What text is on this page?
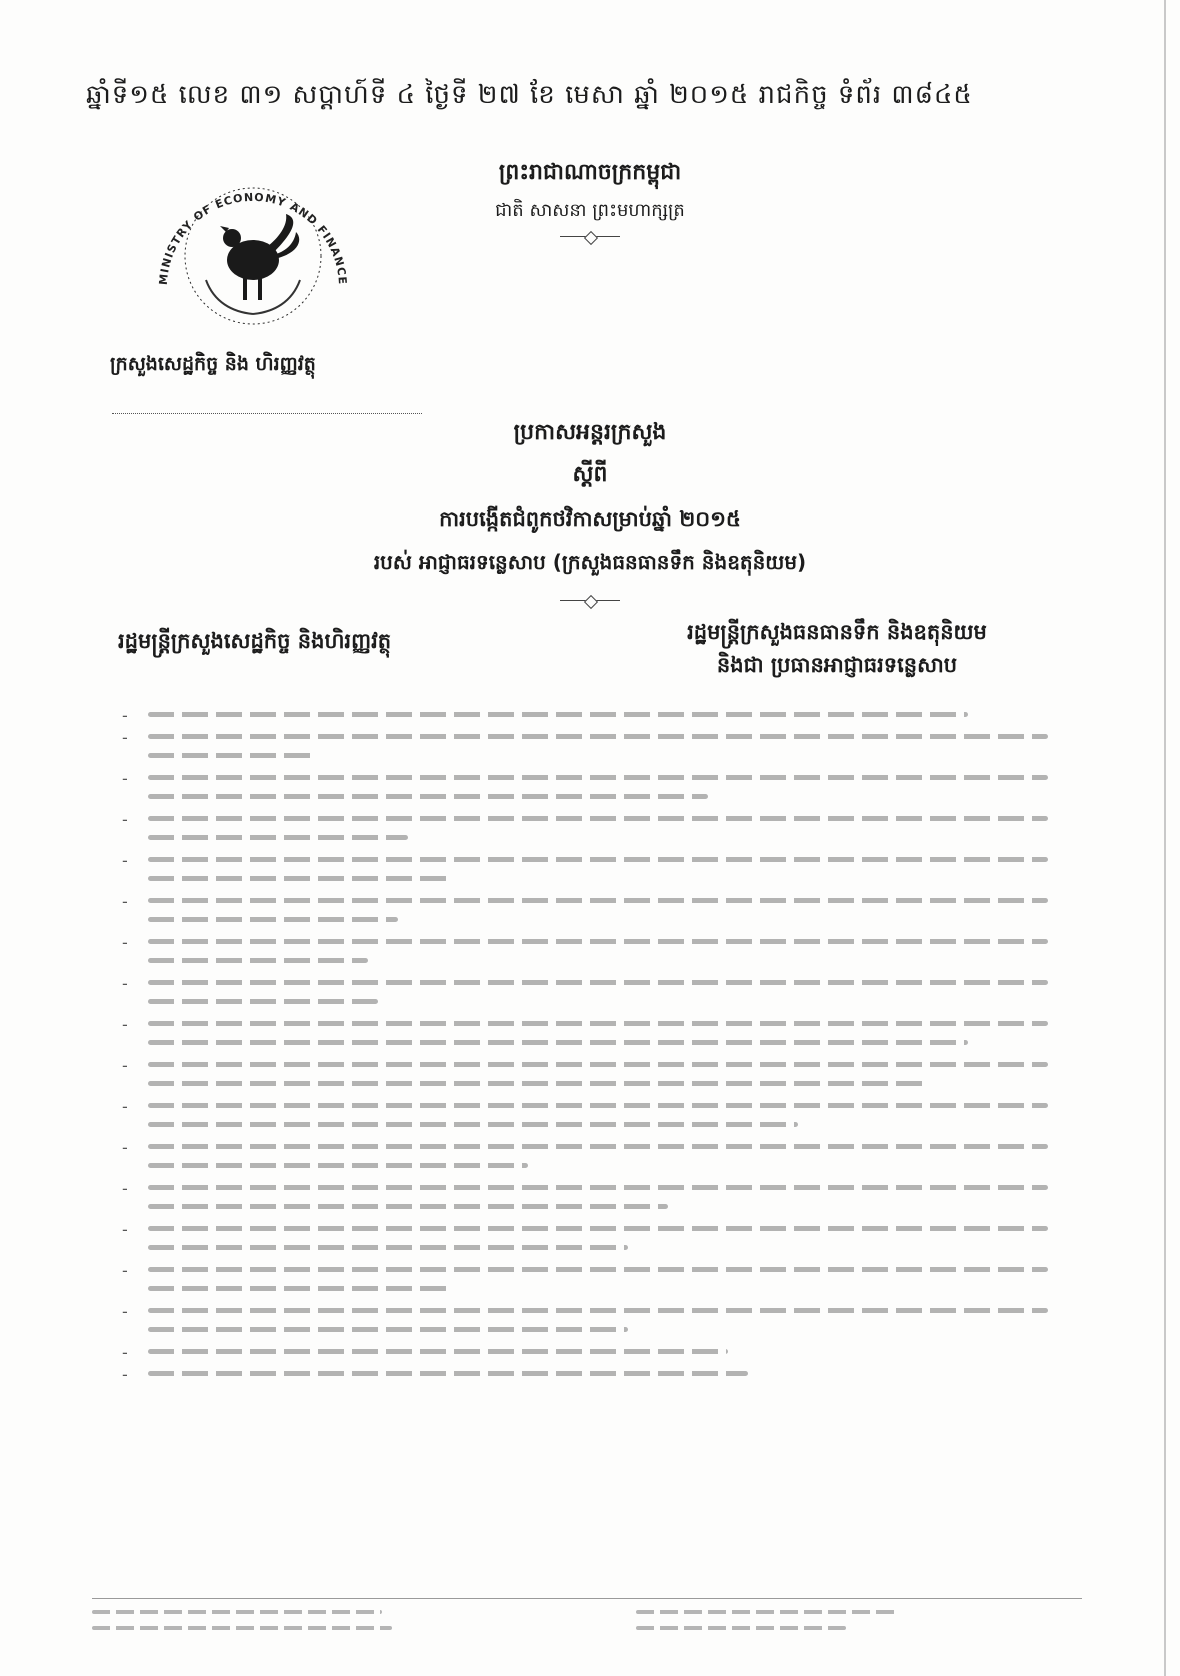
ឆ្នាំទី១៥ លេខ ៣១ សប្តាហ៍ទី ៤ ថ្ងៃទី ២៧ ខែ មេសា ឆ្នាំ ២០១៥ រាជកិច្ច ទំព័រ ៣៨៤៥
MINISTRY OF ECONOMY AND FINANCE
ក្រសួងសេដ្ឋកិច្ច និង ហិរញ្ញវត្ថុ

ព្រះរាជាណាចក្រកម្ពុជា
ជាតិ សាសនា ព្រះមហាក្សត្រ
ប្រកាសអន្តរក្រសួង
ស្តីពី
ការបង្កើតជំពូកថវិកាសម្រាប់ឆ្នាំ ២០១៥
របស់ អាជ្ញាធរទន្លេសាប (ក្រសួងធនធានទឹក និងឧតុនិយម)
រដ្ឋមន្ត្រីក្រសួងសេដ្ឋកិច្ច និងហិរញ្ញវត្ថុ	រដ្ឋមន្ត្រីក្រសួងធនធានទឹក និងឧតុនិយម
និងជា ប្រធានអាជ្ញាធរទន្លេសាប
-
-
-
-
-
-
-
-
-
-
-
-
-
-
-
-
-
-
